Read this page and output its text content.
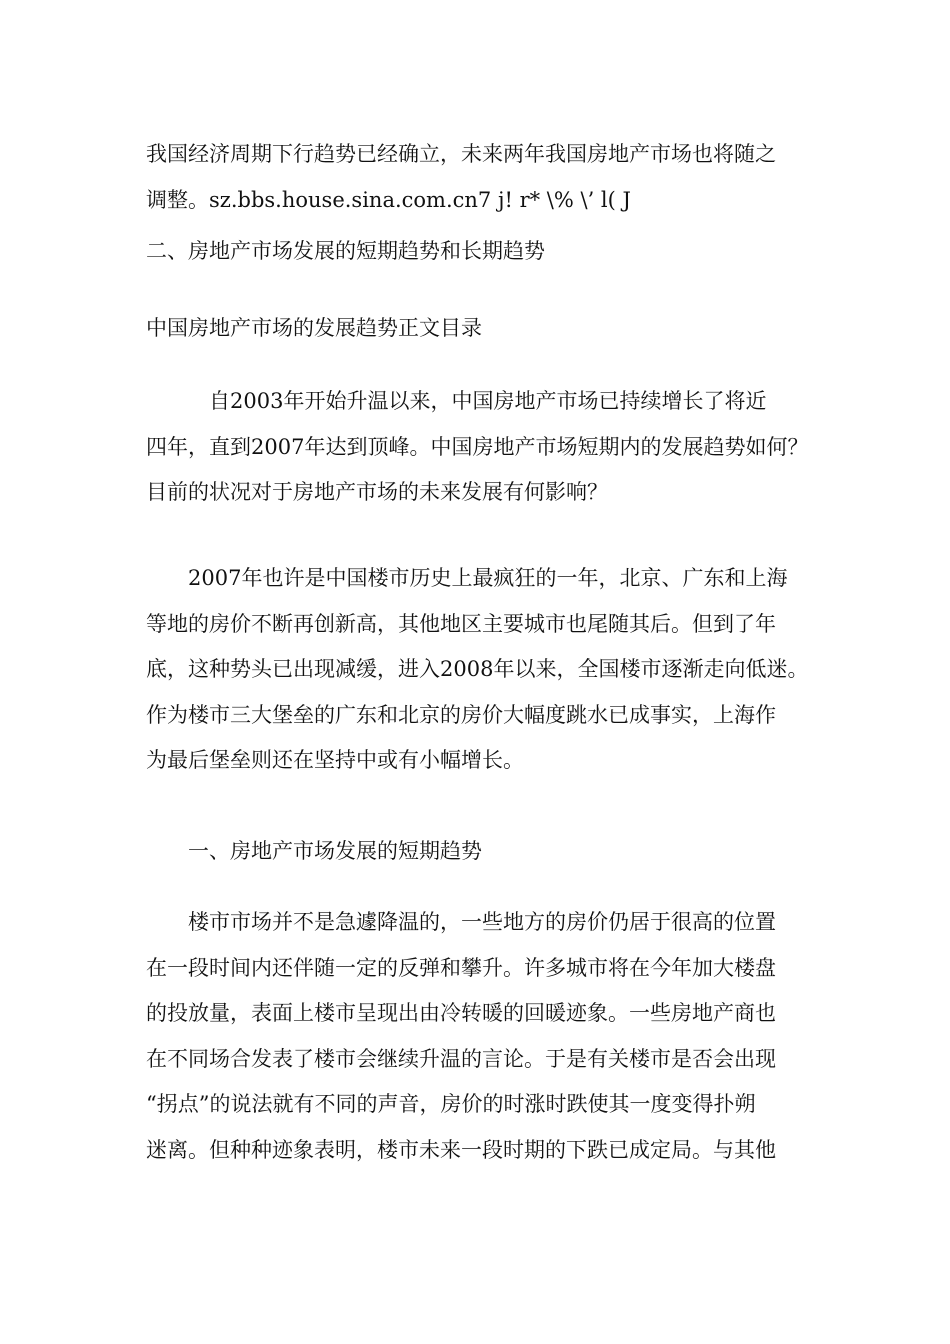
我国经济周期下行趋势已经确立，未来两年我国房地产市场也将随之
调整。sz.bbs.house.sina.com.cn7 j! r* \% \’ l( J

二、房地产市场发展的短期趋势和长期趋势

中国房地产市场的发展趋势正文目录

　　　自2003年开始升温以来，中国房地产市场已持续增长了将近
四年，直到2007年达到顶峰。中国房地产市场短期内的发展趋势如何？
目前的状况对于房地产市场的未来发展有何影响？

　　2007年也许是中国楼市历史上最疯狂的一年，北京、广东和上海
等地的房价不断再创新高，其他地区主要城市也尾随其后。但到了年
底，这种势头已出现减缓，进入2008年以来，全国楼市逐渐走向低迷。
作为楼市三大堡垒的广东和北京的房价大幅度跳水已成事实，上海作
为最后堡垒则还在坚持中或有小幅增长。

　　一、房地产市场发展的短期趋势

　　楼市市场并不是急遽降温的，一些地方的房价仍居于很高的位置
在一段时间内还伴随一定的反弹和攀升。许多城市将在今年加大楼盘
的投放量，表面上楼市呈现出由冷转暖的回暖迹象。一些房地产商也
在不同场合发表了楼市会继续升温的言论。于是有关楼市是否会出现
“拐点”的说法就有不同的声音，房价的时涨时跌使其一度变得扑朔
迷离。但种种迹象表明，楼市未来一段时期的下跌已成定局。与其他
